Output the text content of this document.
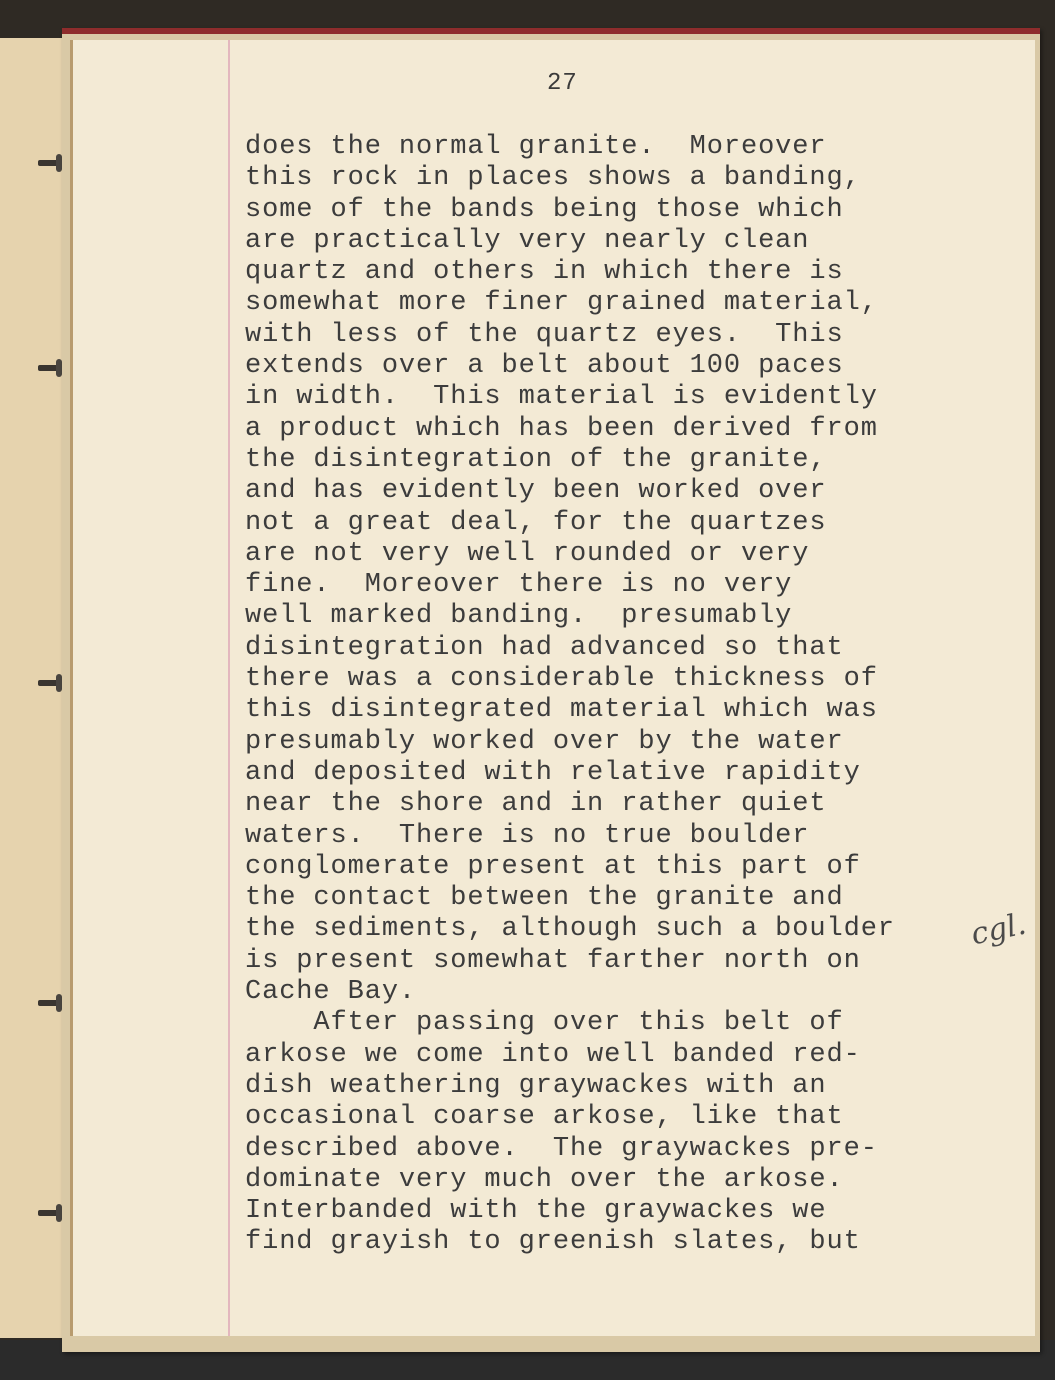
27
does the normal granite.  Moreover
this rock in places shows a banding,
some of the bands being those which
are practically very nearly clean
quartz and others in which there is
somewhat more finer grained material,
with less of the quartz eyes.  This
extends over a belt about 100 paces
in width.  This material is evidently
a product which has been derived from
the disintegration of the granite,
and has evidently been worked over
not a great deal, for the quartzes
are not very well rounded or very
fine.  Moreover there is no very
well marked banding.  presumably
disintegration had advanced so that
there was a considerable thickness of
this disintegrated material which was
presumably worked over by the water
and deposited with relative rapidity
near the shore and in rather quiet
waters.  There is no true boulder
conglomerate present at this part of
the contact between the granite and
the sediments, although such a boulder
is present somewhat farther north on
Cache Bay.
After passing over this belt of
arkose we come into well banded red-
dish weathering graywackes with an
occasional coarse arkose, like that
described above.  The graywackes pre-
dominate very much over the arkose.
Interbanded with the graywackes we
find grayish to greenish slates, but
cgl.
